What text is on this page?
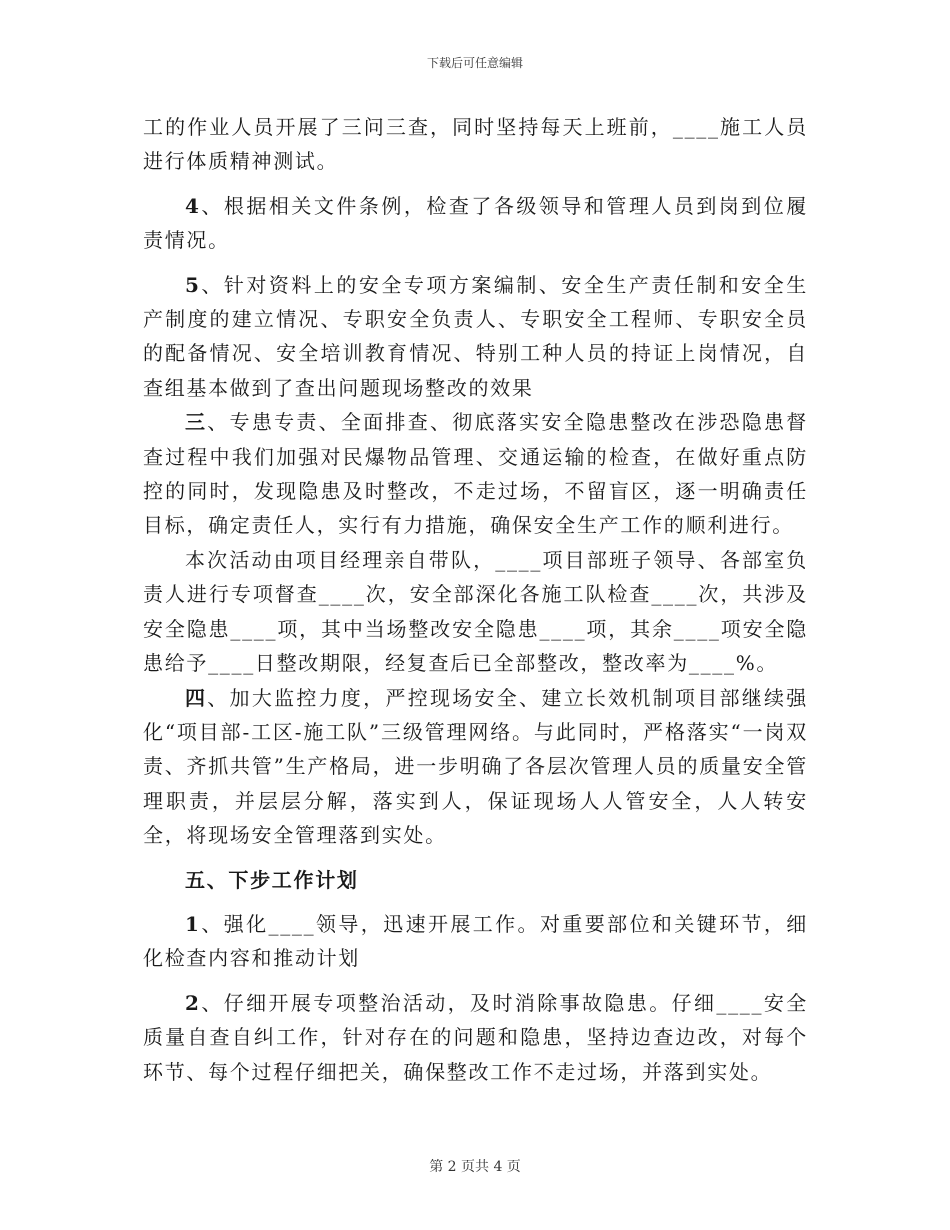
下载后可任意编辑

工的作业人员开展了三问三查，同时坚持每天上班前，____施工人员进行体质精神测试。

4、根据相关文件条例，检查了各级领导和管理人员到岗到位履责情况。

5、针对资料上的安全专项方案编制、安全生产责任制和安全生产制度的建立情况、专职安全负责人、专职安全工程师、专职安全员的配备情况、安全培训教育情况、特别工种人员的持证上岗情况，自查组基本做到了查出问题现场整改的效果

三、专患专责、全面排查、彻底落实安全隐患整改在涉恐隐患督查过程中我们加强对民爆物品管理、交通运输的检查，在做好重点防控的同时，发现隐患及时整改，不走过场，不留盲区，逐一明确责任目标，确定责任人，实行有力措施，确保安全生产工作的顺利进行。

本次活动由项目经理亲自带队，____项目部班子领导、各部室负责人进行专项督查____次，安全部深化各施工队检查____次，共涉及安全隐患____项，其中当场整改安全隐患____项，其余____项安全隐患给予____日整改期限，经复查后已全部整改，整改率为____%。

四、加大监控力度，严控现场安全、建立长效机制项目部继续强化“项目部-工区-施工队”三级管理网络。与此同时，严格落实“一岗双责、齐抓共管”生产格局，进一步明确了各层次管理人员的质量安全管理职责，并层层分解，落实到人，保证现场人人管安全，人人转安全，将现场安全管理落到实处。

五、下步工作计划

1、强化____领导，迅速开展工作。对重要部位和关键环节，细化检查内容和推动计划

2、仔细开展专项整治活动，及时消除事故隐患。仔细____安全质量自查自纠工作，针对存在的问题和隐患，坚持边查边改，对每个环节、每个过程仔细把关，确保整改工作不走过场，并落到实处。

第 2 页共 4 页
